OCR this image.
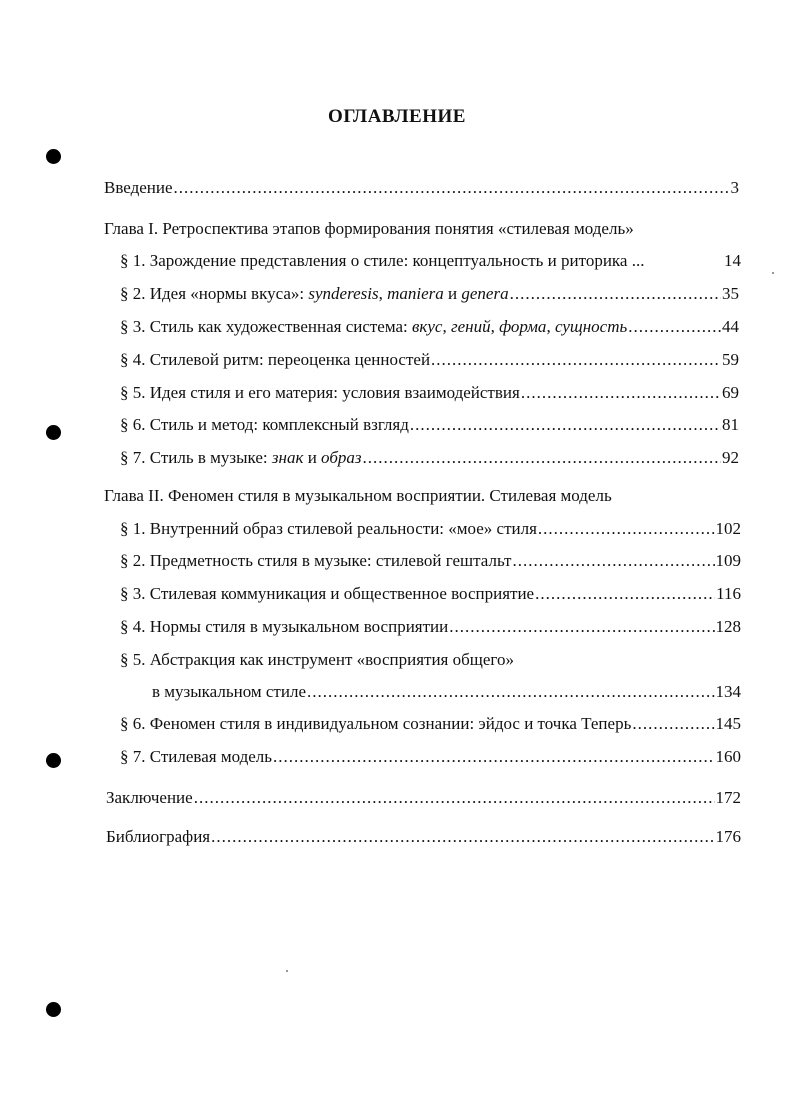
ОГЛАВЛЕНИЕ
Введение .....	3
Глава I. Ретроспектива этапов формирования понятия «стилевая модель»
§ 1. Зарождение представления о стиле: концептуальность и риторика ...	14
§ 2. Идея «нормы вкуса»: synderesis, maniera и genera .....	35
§ 3. Стиль как художественная система: вкус, гений, форма, сущность .....	44
§ 4. Стилевой ритм: переоценка ценностей .....	59
§ 5. Идея стиля и его материя: условия взаимодействия .....	69
§ 6. Стиль и метод: комплексный взгляд .....	81
§ 7. Стиль в музыке: знак и образ .....	92
Глава II. Феномен стиля в музыкальном восприятии. Стилевая модель
§ 1. Внутренний образ стилевой реальности: «мое» стиля .....	102
§ 2. Предметность стиля в музыке: стилевой гештальт .....	109
§ 3. Стилевая коммуникация и общественное восприятие .....	116
§ 4. Нормы стиля в музыкальном восприятии .....	128
§ 5. Абстракция как инструмент «восприятия общего»
в музыкальном стиле .....	134
§ 6. Феномен стиля в индивидуальном сознании: эйдос и точка Теперь .....	145
§ 7. Стилевая модель .....	160
Заключение .....	172
Библиография .....	176
